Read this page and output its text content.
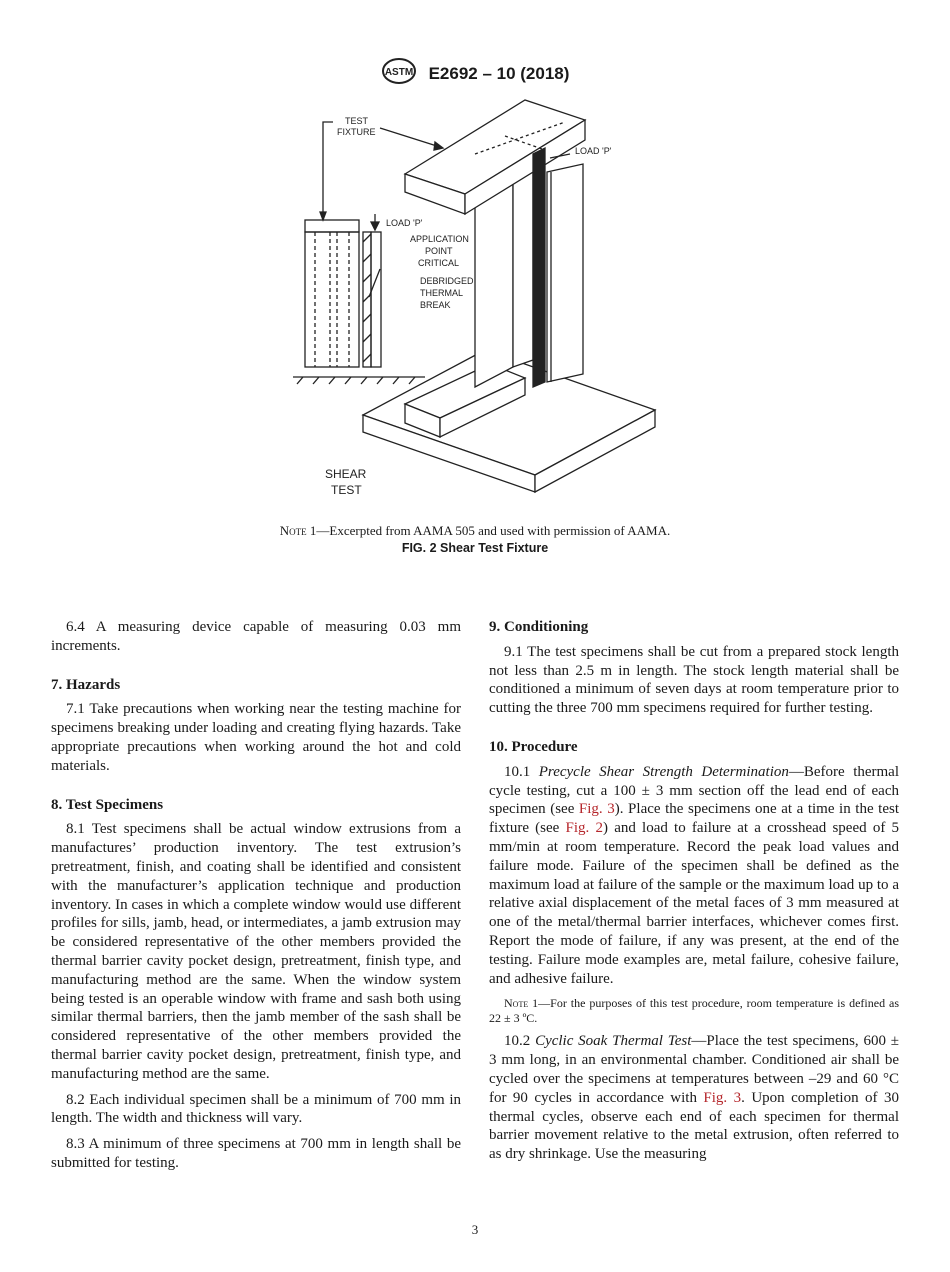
ASTM E2692 – 10 (2018)
TEST
FIXTURE
LOAD 'P'
LOAD 'P'
APPLICATION
POINT
CRITICAL
DEBRIDGED
THERMAL
BREAK
SHEAR
TEST
Note 1—Excerpted from AAMA 505 and used with permission of AAMA.
FIG. 2 Shear Test Fixture

6.4 A measuring device capable of measuring 0.03 mm increments.

7. Hazards

7.1 Take precautions when working near the testing machine for specimens breaking under loading and creating flying hazards. Take appropriate precautions when working around the hot and cold materials.

8. Test Specimens

8.1 Test specimens shall be actual window extrusions from a manufactures’ production inventory. The test extrusion’s pretreatment, finish, and coating shall be identified and consistent with the manufacturer’s application technique and production inventory. In cases in which a complete window would use different profiles for sills, jamb, head, or intermediates, a jamb extrusion may be considered representative of the other members provided the thermal barrier cavity pocket design, pretreatment, finish type, and manufacturing method are the same. When the window system being tested is an operable window with frame and sash both using similar thermal barriers, then the jamb member of the sash shall be considered representative of the other members provided the thermal barrier cavity pocket design, pretreatment, finish type, and manufacturing method are the same.

8.2 Each individual specimen shall be a minimum of 700 mm in length. The width and thickness will vary.

8.3 A minimum of three specimens at 700 mm in length shall be submitted for testing.

9. Conditioning

9.1 The test specimens shall be cut from a prepared stock length not less than 2.5 m in length. The stock length material shall be conditioned a minimum of seven days at room temperature prior to cutting the three 700 mm specimens required for further testing.

10. Procedure

10.1 Precycle Shear Strength Determination—Before thermal cycle testing, cut a 100 ± 3 mm section off the lead end of each specimen (see Fig. 3). Place the specimens one at a time in the test fixture (see Fig. 2) and load to failure at a crosshead speed of 5 mm/min at room temperature. Record the peak load values and failure mode. Failure of the specimen shall be defined as the maximum load at failure of the sample or the maximum load up to a relative axial displacement of the metal faces of 3 mm measured at one of the metal/thermal barrier interfaces, whichever comes first. Report the mode of failure, if any was present, at the end of the testing. Failure mode examples are, metal failure, cohesive failure, and adhesive failure.

Note 1—For the purposes of this test procedure, room temperature is defined as 22 ± 3 ºC.

10.2 Cyclic Soak Thermal Test—Place the test specimens, 600 ± 3 mm long, in an environmental chamber. Conditioned air shall be cycled over the specimens at temperatures between –29 and 60 °C for 90 cycles in accordance with Fig. 3. Upon completion of 30 thermal cycles, observe each end of each specimen for thermal barrier movement relative to the metal extrusion, often referred to as dry shrinkage. Use the measuring

3
